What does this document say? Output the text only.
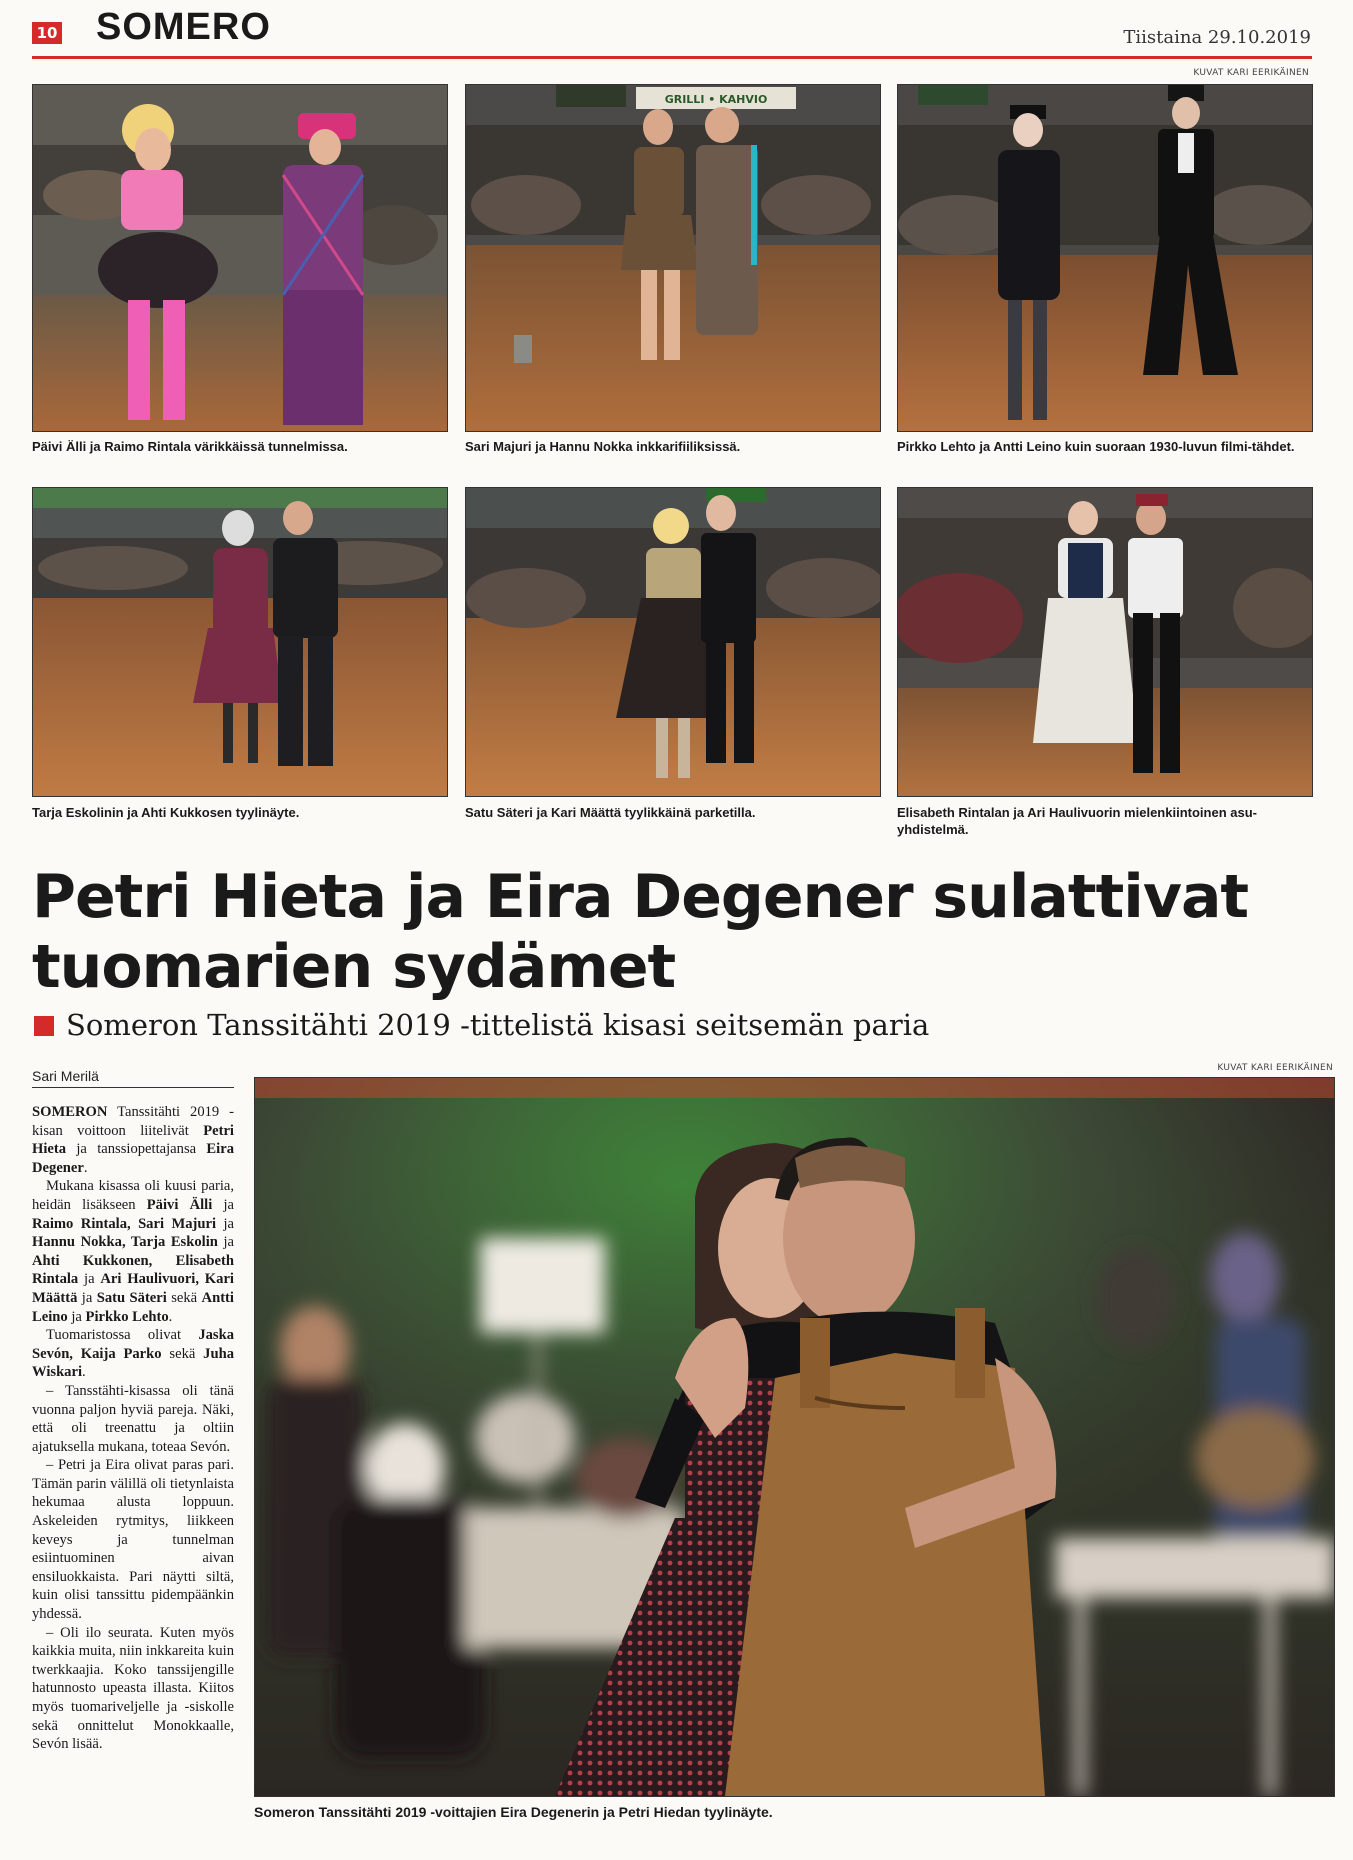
10 SOMERO	Tiistaina 29.10.2019
KUVAT KARI EERIKÄINEN
Päivi Älli ja Raimo Rintala värikkäissä tunnelmissa.
GRILLI • KAHVIO
Sari Majuri ja Hannu Nokka inkkarifiiliksissä.	Pirkko Lehto ja Antti Leino kuin suoraan 1930-luvun filmi-tähdet.
Tarja Eskolinin ja Ahti Kukkosen tyylinäyte.	Satu Säteri ja Kari Määttä tyylikkäinä parketilla.	Elisabeth Rintalan ja Ari Haulivuorin mielenkiintoinen asu-yhdistelmä.
Petri Hieta ja Eira Degener sulattivat
tuomarien sydämet
Someron Tanssitähti 2019 -tittelistä kisasi seitsemän paria
Sari Merilä

SOMERON Tanssitähti 2019 -kisan voittoon liitelivät Petri Hieta ja tanssiopettajansa Eira Degener.

Mukana kisassa oli kuusi paria, heidän lisäkseen Päivi Älli ja Raimo Rintala, Sari Majuri ja Hannu Nokka, Tarja Eskolin ja Ahti Kukkonen, Elisabeth Rintala ja Ari Haulivuori, Kari Määttä ja Satu Säteri sekä Antti Leino ja Pirkko Lehto.

Tuomaristossa olivat Jaska Sevón, Kaija Parko sekä Juha Wiskari.

– Tansstähti-kisassa oli tänä vuonna paljon hyviä pareja. Näki, että oli treenattu ja oltiin ajatuksella mukana, toteaa Sevón.

– Petri ja Eira olivat paras pari. Tämän parin välillä oli tietynlaista hekumaa alusta loppuun. Askeleiden rytmitys, liikkeen keveys ja tunnelman esiintuominen aivan ensiluokkaista. Pari näytti siltä, kuin olisi tanssittu pidempäänkin yhdessä.

– Oli ilo seurata. Kuten myös kaikkia muita, niin inkkareita kuin twerkkaajia. Koko tanssijengille hatunnosto upeasta illasta. Kiitos myös tuomariveljelle ja -siskolle sekä onnittelut Monokkaalle, Sevón lisää.

KUVAT KARI EERIKÄINEN
Someron Tanssitähti 2019 -voittajien Eira Degenerin ja Petri Hiedan tyylinäyte.
